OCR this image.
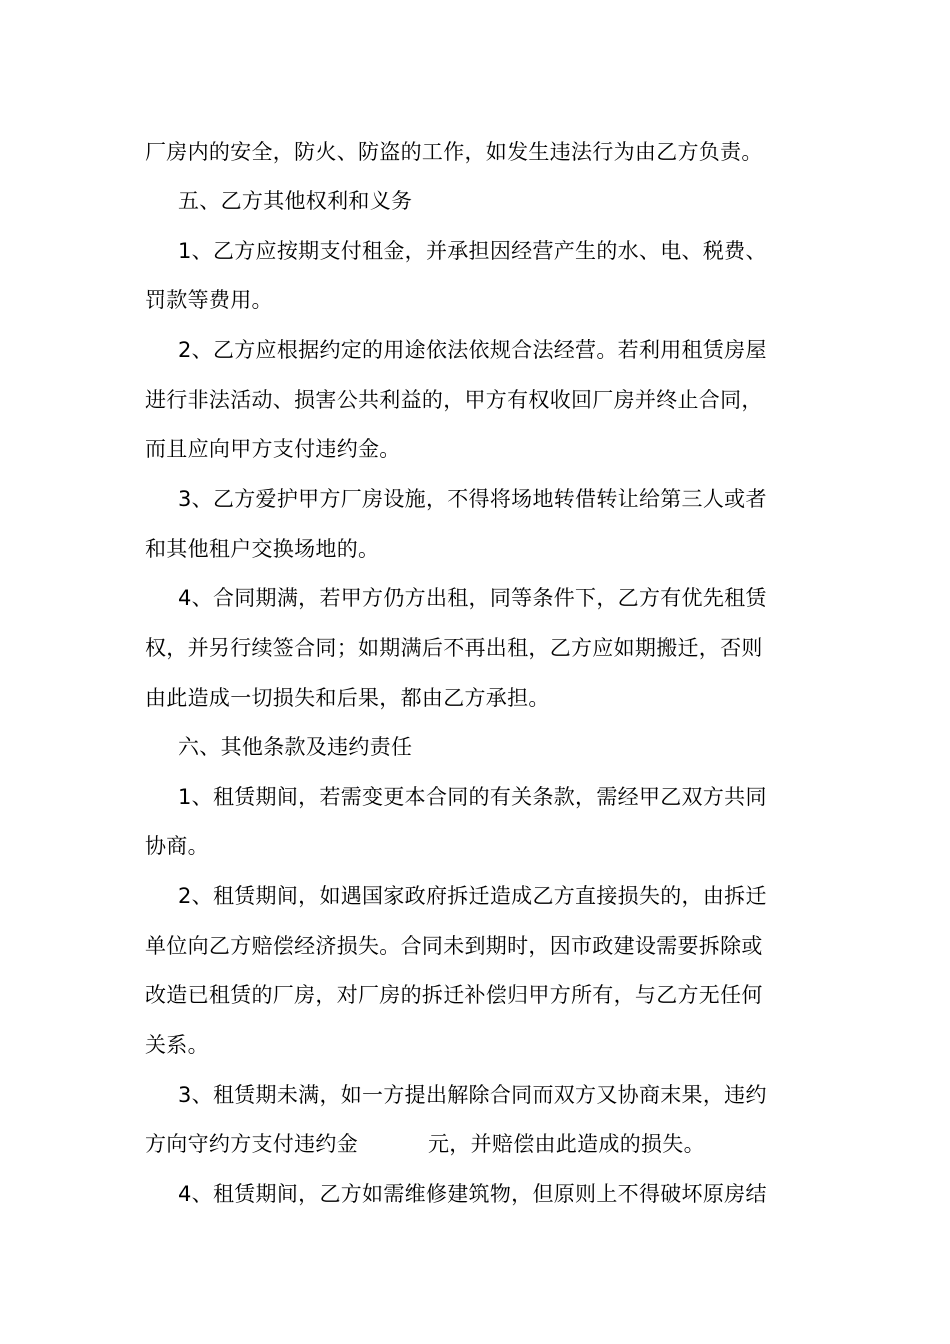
厂房内的安全，防火、防盗的工作，如发生违法行为由乙方负责。
五、乙方其他权利和义务
1、乙方应按期支付租金，并承担因经营产生的水、电、税费、
罚款等费用。
2、乙方应根据约定的用途依法依规合法经营。若利用租赁房屋
进行非法活动、损害公共利益的，甲方有权收回厂房并终止合同，
而且应向甲方支付违约金。
3、乙方爱护甲方厂房设施，不得将场地转借转让给第三人或者
和其他租户交换场地的。
4、合同期满，若甲方仍方出租，同等条件下，乙方有优先租赁
权，并另行续签合同；如期满后不再出租，乙方应如期搬迁，否则
由此造成一切损失和后果，都由乙方承担。
六、其他条款及违约责任
1、租赁期间，若需变更本合同的有关条款，需经甲乙双方共同
协商。
2、租赁期间，如遇国家政府拆迁造成乙方直接损失的，由拆迁
单位向乙方赔偿经济损失。合同未到期时，因市政建设需要拆除或
改造已租赁的厂房，对厂房的拆迁补偿归甲方所有，与乙方无任何
关系。
3、租赁期未满，如一方提出解除合同而双方又协商末果，违约
方向守约方支付违约金	元，并赔偿由此造成的损失。
4、租赁期间，乙方如需维修建筑物，但原则上不得破坏原房结
